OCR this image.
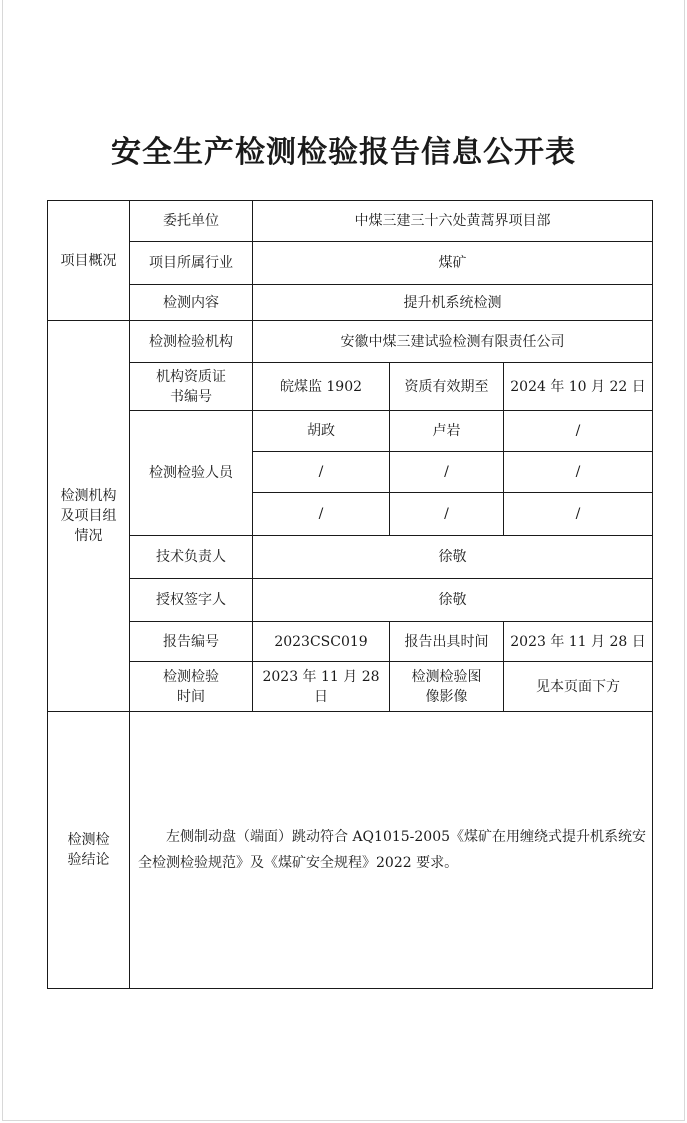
安全生产检测检验报告信息公开表
项目概况	委托单位	中煤三建三十六处黄蒿界项目部		
	项目所属行业	煤矿		
	检测内容	提升机系统检测		
检测机构及项目组情况	检测检验机构	安徽中煤三建试验检测有限责任公司		
	机构资质证书编号	皖煤监 1902	资质有效期至	2024 年 10 月 22 日
	检测检验人员	胡政	卢岩	/
		/	/	/
		/	/	/
	技术负责人	徐敬		
	授权签字人	徐敬		
	报告编号	2023CSC019	报告出具时间	2023 年 11 月 28 日
	检测检验时间	2023 年 11 月 28 日	检测检验图像影像	见本页面下方

检测检验结论	左侧制动盘（端面）跳动符合 AQ1015-2005《煤矿在用缠绕式提升机系统安全检测检验规范》及《煤矿安全规程》2022 要求。			
